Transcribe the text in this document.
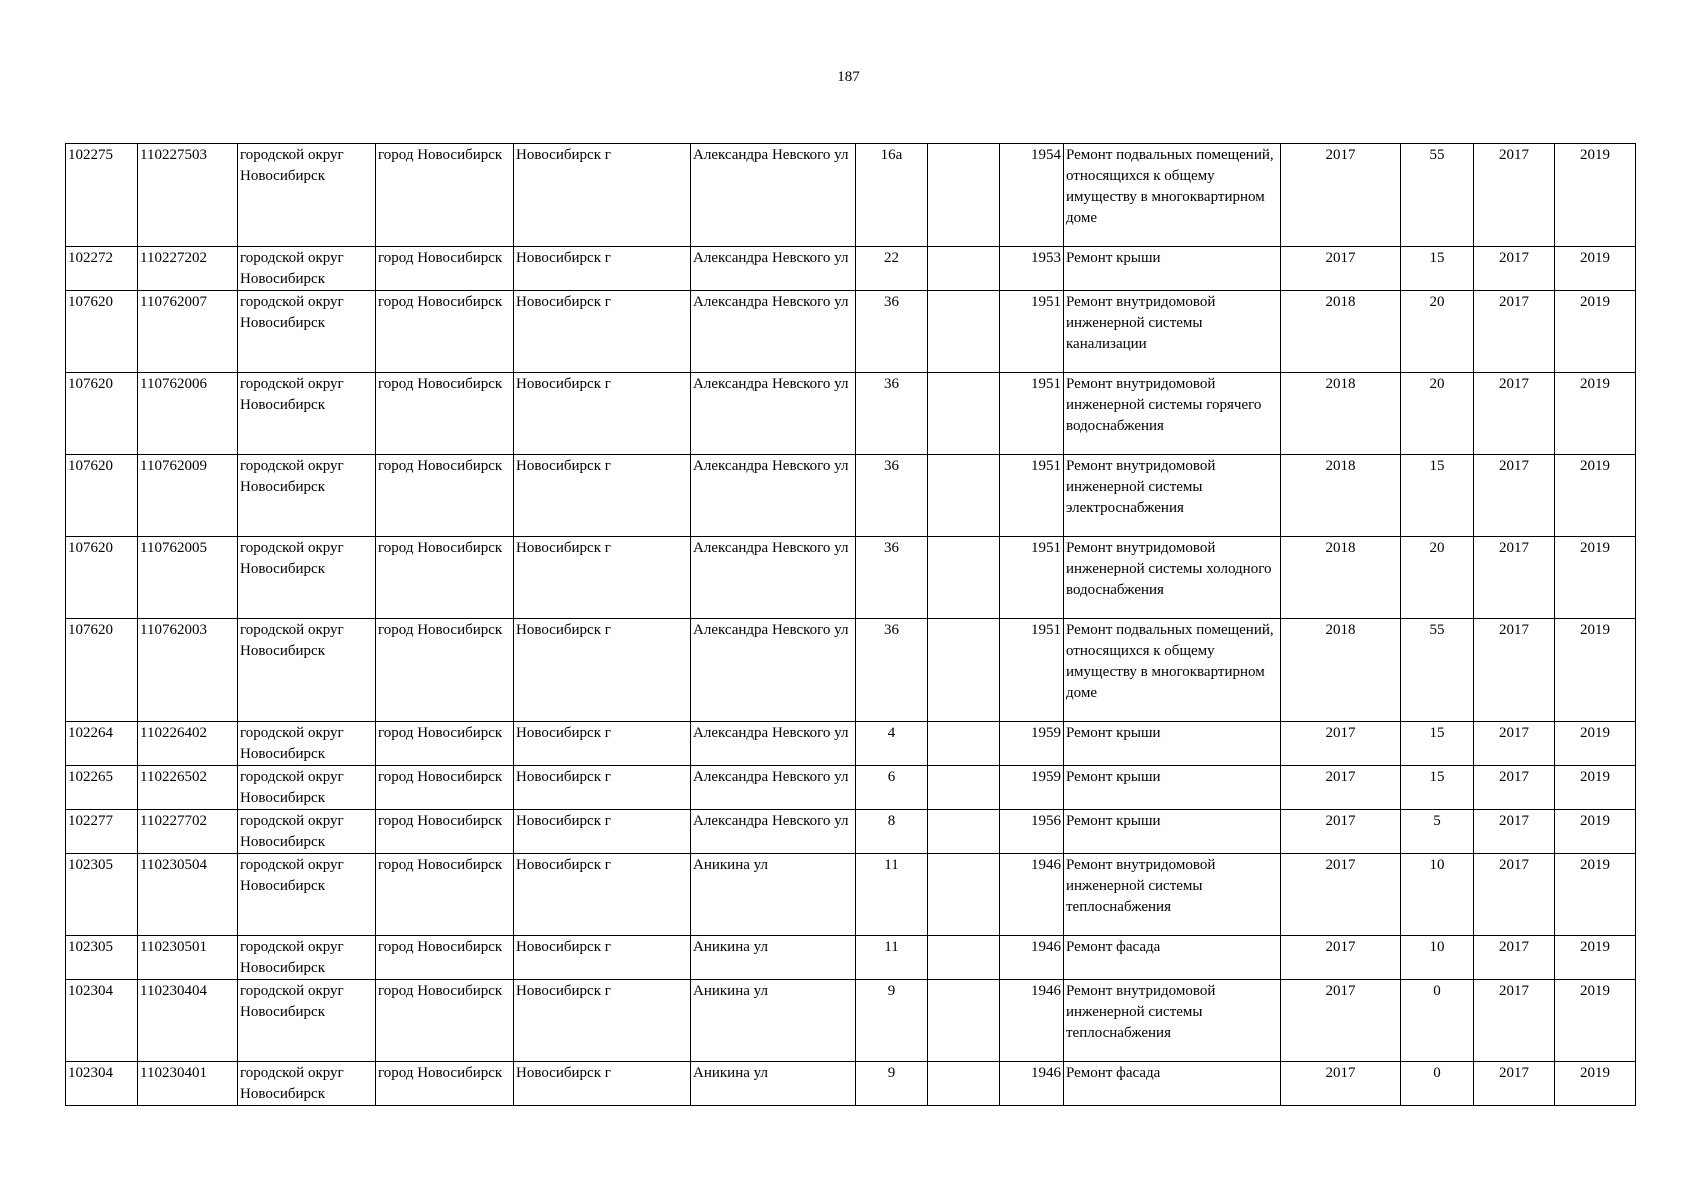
187
102275	110227503	городской округ Новосибирск	город Новосибирск	Новосибирск г	Александра Невского ул	16а		1954	Ремонт подвальных помещений, относящихся к общему имуществу в многоквартирном доме	2017	55	2017	2019
102272	110227202	городской округ Новосибирск	город Новосибирск	Новосибирск г	Александра Невского ул	22		1953	Ремонт крыши	2017	15	2017	2019
107620	110762007	городской округ Новосибирск	город Новосибирск	Новосибирск г	Александра Невского ул	36		1951	Ремонт внутридомовой инженерной системы канализации	2018	20	2017	2019
107620	110762006	городской округ Новосибирск	город Новосибирск	Новосибирск г	Александра Невского ул	36		1951	Ремонт внутридомовой инженерной системы горячего водоснабжения	2018	20	2017	2019
107620	110762009	городской округ Новосибирск	город Новосибирск	Новосибирск г	Александра Невского ул	36		1951	Ремонт внутридомовой инженерной системы электроснабжения	2018	15	2017	2019
107620	110762005	городской округ Новосибирск	город Новосибирск	Новосибирск г	Александра Невского ул	36		1951	Ремонт внутридомовой инженерной системы холодного водоснабжения	2018	20	2017	2019
107620	110762003	городской округ Новосибирск	город Новосибирск	Новосибирск г	Александра Невского ул	36		1951	Ремонт подвальных помещений, относящихся к общему имуществу в многоквартирном доме	2018	55	2017	2019
102264	110226402	городской округ Новосибирск	город Новосибирск	Новосибирск г	Александра Невского ул	4		1959	Ремонт крыши	2017	15	2017	2019
102265	110226502	городской округ Новосибирск	город Новосибирск	Новосибирск г	Александра Невского ул	6		1959	Ремонт крыши	2017	15	2017	2019
102277	110227702	городской округ Новосибирск	город Новосибирск	Новосибирск г	Александра Невского ул	8		1956	Ремонт крыши	2017	5	2017	2019
102305	110230504	городской округ Новосибирск	город Новосибирск	Новосибирск г	Аникина ул	11		1946	Ремонт внутридомовой инженерной системы теплоснабжения	2017	10	2017	2019
102305	110230501	городской округ Новосибирск	город Новосибирск	Новосибирск г	Аникина ул	11		1946	Ремонт фасада	2017	10	2017	2019
102304	110230404	городской округ Новосибирск	город Новосибирск	Новосибирск г	Аникина ул	9		1946	Ремонт внутридомовой инженерной системы теплоснабжения	2017	0	2017	2019
102304	110230401	городской округ Новосибирск	город Новосибирск	Новосибирск г	Аникина ул	9		1946	Ремонт фасада	2017	0	2017	2019
